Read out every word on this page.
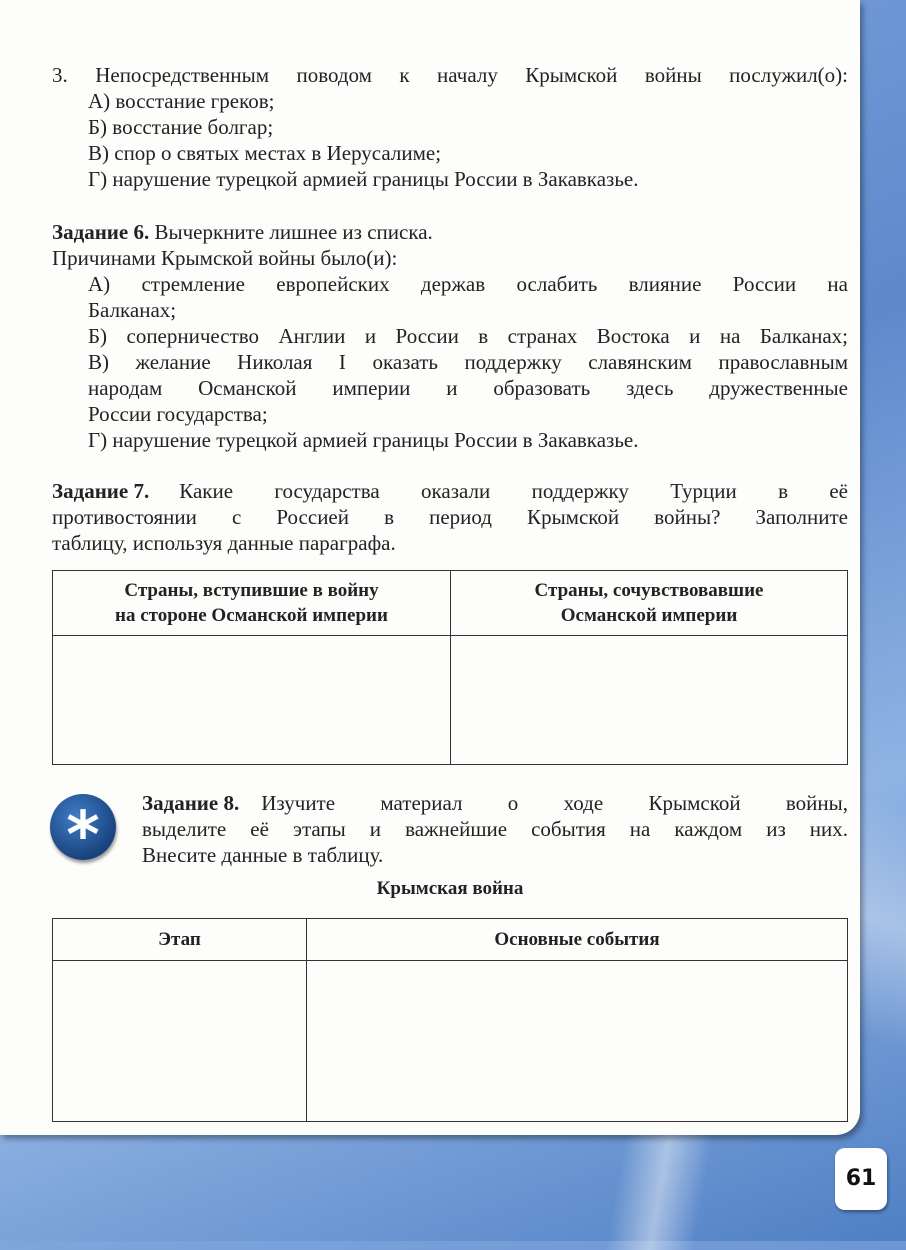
3. Непосредственным поводом к началу Крымской войны послужил(о):
А) восстание греков;
Б) восстание болгар;
В) спор о святых местах в Иерусалиме;
Г) нарушение турецкой армией границы России в Закавказье.
Задание 6. Вычеркните лишнее из списка.
Причинами Крымской войны было(и):
А) стремление европейских держав ослабить влияние России на
Балканах;
Б) соперничество Англии и России в странах Востока и на Балканах;
В) желание Николая I оказать поддержку славянским православным
народам Османской империи и образовать здесь дружественные
России государства;
Г) нарушение турецкой армией границы России в Закавказье.
Задание 7. Какие государства оказали поддержку Турции в её
противостоянии с Россией в период Крымской войны? Заполните
таблицу, используя данные параграфа.
Страны, вступившие в войну
на стороне Османской империи	Страны, сочувствовавшие
Османской империи

*	Задание 8. Изучите материал о ходе Крымской войны,
выделите её этапы и важнейшие события на каждом из них.
Внесите данные в таблицу.
Крымская война
Этап	Основные события

61
